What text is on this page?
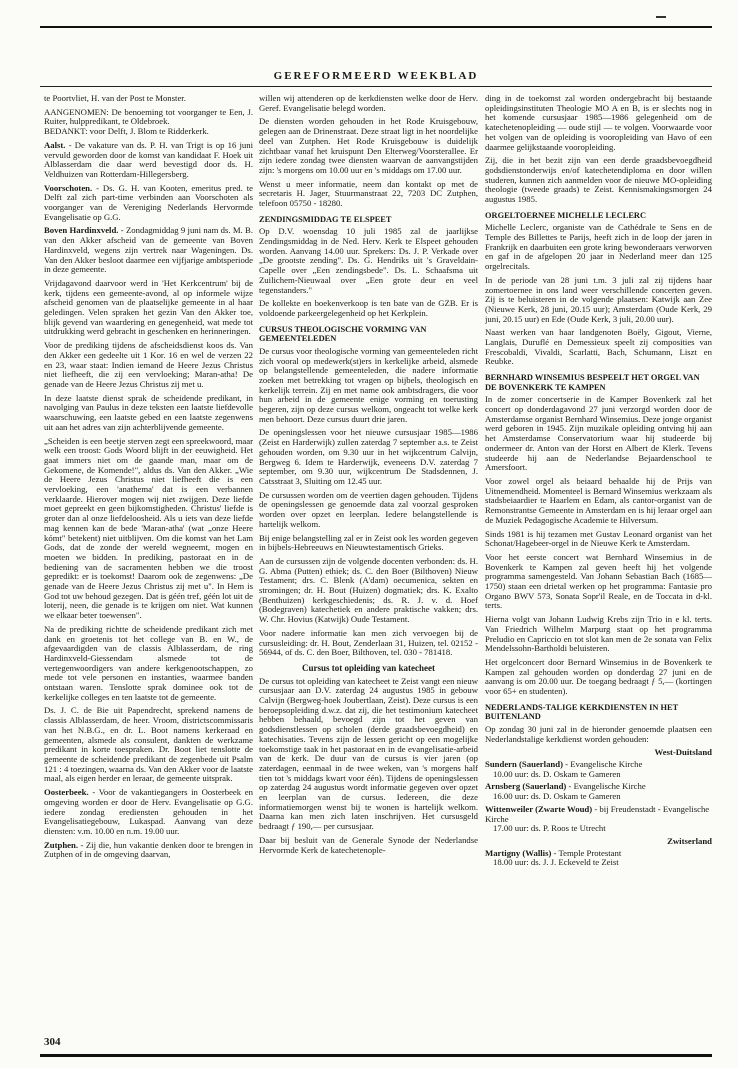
GEREFORMEERD WEEKBLAD

te Poortvliet, H. van der Post te Monster.

AANGENOMEN: De benoeming tot voorganger te Een, J. Ruiter, hulppredikant, te Oldebroek.

BEDANKT: voor Delft, J. Blom te Ridderkerk.

Aalst. - De vakature van ds. P. H. van Trigt is op 16 juni vervuld geworden door de komst van kandidaat F. Hoek uit Alblasserdam die daar werd bevestigd door ds. H. Veldhuizen van Rotterdam-Hillegersberg.

Voorschoten. - Ds. G. H. van Kooten, emeritus pred. te Delft zal zich part-time verbinden aan Voorschoten als voorganger van de Vereniging Nederlands Hervormde Evangelisatie op G.G.

Boven Hardinxveld. - Zondagmiddag 9 juni nam ds. M. B. van den Akker afscheid van de gemeente van Boven Hardinxveld, wegens zijn vertrek naar Wageningen. Ds. Van den Akker besloot daarmee een vijfjarige ambtsperiode in deze gemeente.

Vrijdagavond daarvoor werd in 'Het Kerkcentrum' bij de kerk, tijdens een gemeente-avond, al op informele wijze afscheid genomen van de plaatselijke gemeente in al haar geledingen. Velen spraken het gezin Van den Akker toe, blijk gevend van waardering en genegenheid, wat mede tot uitdrukking werd gebracht in geschenken en herinneringen.

Voor de prediking tijdens de afscheidsdienst koos ds. Van den Akker een gedeelte uit 1 Kor. 16 en wel de verzen 22 en 23, waar staat: Indien iemand de Heere Jezus Christus niet liefheeft, die zij een vervloeking; Maran-atha! De genade van de Heere Jezus Christus zij met u.

In deze laatste dienst sprak de scheidende predikant, in navolging van Paulus in deze teksten een laatste liefdevolle waarschuwing, een laatste gebed en een laatste zegenwens uit aan het adres van zijn achterblijvende gemeente.

„Scheiden is een beetje sterven zegt een spreekwoord, maar welk een troost: Gods Woord blijft in der eeuwigheid. Het gaat immers niet om de gaande man, maar om de Gekomene, de Komende!", aldus ds. Van den Akker. „Wie de Heere Jezus Christus niet liefheeft die is een vervloeking, een 'anathema' dat is een verbannen verklaarde. Hierover mogen wij niet zwijgen. Deze liefde moet gepreekt en geen bijkomstigheden. Christus' liefde is groter dan al onze liefdeloosheid. Als u iets van deze liefde mag kennen kan de bede 'Maran-atha' (wat „onze Heere kómt" betekent) niet uitblijven. Om die komst van het Lam Gods, dat de zonde der wereld wegneemt, mogen en moeten we bidden. In prediking, pastoraat en in de bediening van de sacramenten hebben we die troost gepredikt: er is toekomst! Daarom ook de zegenwens: „De genade van de Heere Jezus Christus zij met u". In Hem is God tot uw behoud gezegen. Dat is géén tref, géén lot uit de loterij, neen, die genade is te krijgen om niet. Wat kunnen we elkaar beter toewensen".

Na de prediking richtte de scheidende predikant zich met dank en groetenis tot het college van B. en W., de afgevaardigden van de classis Alblasserdam, de ring Hardinxveld-Giessendam alsmede tot de vertegenwoordigers van andere kerkgenootschappen, zo mede tot vele personen en instanties, waarmee banden ontstaan waren. Tenslotte sprak dominee ook tot de kerkelijke colleges en ten laatste tot de gemeente.

Ds. J. C. de Bie uit Papendrecht, sprekend namens de classis Alblasserdam, de heer. Vroom, districtscommissaris van het N.B.G., en dr. L. Boot namens kerkeraad en gemeenten, alsmede als consulent, dankten de werkzame predikant in korte toespraken. Dr. Boot liet tenslotte de gemeente de scheidende predikant de zegenbede uit Psalm 121 : 4 toezingen, waarna ds. Van den Akker voor de laatste maal, als eigen herder en leraar, de gemeente uitsprak.

Oosterbeek. - Voor de vakantiegangers in Oosterbeek en omgeving worden er door de Herv. Evangelisatie op G.G. iedere zondag erediensten gehouden in het Evangelisatiegebouw, Lukaspad. Aanvang van deze diensten: v.m. 10.00 en n.m. 19.00 uur.

Zutphen. - Zij die, hun vakantie denken door te brengen in Zutphen of in de omgeving daarvan,

willen wij attenderen op de kerkdiensten welke door de Herv. Geref. Evangelisatie belegd worden.

De diensten worden gehouden in het Rode Kruisgebouw, gelegen aan de Drinenstraat. Deze straat ligt in het noordelijke deel van Zutphen. Het Rode Kruisgebouw is duidelijk zichtbaar vanaf het kruispunt Den Elterweg/Voorsterallee. Er zijn iedere zondag twee diensten waarvan de aanvangstijden zijn: 's morgens om 10.00 uur en 's middags om 17.00 uur.

Wenst u meer informatie, neem dan kontakt op met de secretaris H. Jager, Stuurmanstraat 22, 7203 DC Zutphen, telefoon 05750 - 18280.

ZENDINGSMIDDAG TE ELSPEET

Op D.V. woensdag 10 juli 1985 zal de jaarlijkse Zendingsmiddag in de Ned. Herv. Kerk te Elspeet gehouden worden. Aanvang 14.00 uur. Sprekers: Ds. J. P. Verkade over „De grootste zending". Ds. G. Hendriks uit 's Graveldain-Capelle over „Een zendingsbede". Ds. L. Schaafsma uit Zuilichem-Nieuwaal over „Een grote deur en veel tegenstanders."

De kollekte en boekenverkoop is ten bate van de GZB. Er is voldoende parkeergelegenheid op het Kerkplein.

CURSUS THEOLOGISCHE VORMING VAN GEMEENTELEDEN

De cursus voor theologische vorming van gemeenteleden richt zich vooral op medewerk(st)ers in kerkelijke arbeid, alsmede op belangstellende gemeenteleden, die nadere informatie zoeken met betrekking tot vragen op bijbels, theologisch en kerkelijk terrein. Zij en met name ook ambtsdragers, die voor hun arbeid in de gemeente enige vorming en toerusting begeren, zijn op deze cursus welkom, ongeacht tot welke kerk men behoort. Deze cursus duurt drie jaren.

De openingslessen voor het nieuwe cursusjaar 1985—1986 (Zeist en Harderwijk) zullen zaterdag 7 september a.s. te Zeist gehouden worden, om 9.30 uur in het wijkcentrum Calvijn, Bergweg 6. Idem te Harderwijk, eveneens D.V. zaterdag 7 september, om 9.30 uur, wijkcentrum De Stadsdennen, J. Catsstraat 3, Sluiting om 12.45 uur.

De cursussen worden om de veertien dagen gehouden. Tijdens de openingslessen ge genoemde data zal voorzal gesproken worden over opzet en leerplan. Iedere belangstellende is hartelijk welkom.

Bij enige belangstelling zal er in Zeist ook les worden gegeven in bijbels-Hebreeuws en Nieuwtestamentisch Grieks.

Aan de cursussen zijn de volgende docenten verbonden: ds. H. G. Abma (Putten) ethiek; ds. C. den Boer (Bilthoven) Nieuw Testament; drs. C. Blenk (A'dam) oecumenica, sekten en stromingen; dr. H. Bout (Huizen) dogmatiek; drs. K. Exalto (Benthuizen) kerkgeschiedenis; ds. R. J. v. d. Hoef (Bodegraven) katechetiek en andere praktische vakken; drs. W. Chr. Hovius (Katwijk) Oude Testament.

Voor nadere informatie kan men zich vervoegen bij de cursusleiding: dr. H. Bout, Zenderlaan 31, Huizen, tel. 02152 - 56944, of ds. C. den Boer, Bilthoven, tel. 030 - 781418.

Cursus tot opleiding van katecheet

De cursus tot opleiding van katecheet te Zeist vangt een nieuw cursusjaar aan D.V. zaterdag 24 augustus 1985 in gebouw Calvijn (Bergweg-hoek Joubertlaan, Zeist). Deze cursus is een beroepsopleiding d.w.z. dat zij, die het testimonium katecheet hebben behaald, bevoegd zijn tot het geven van godsdienstlessen op scholen (derde graadsbevoegdheid) en katechisaties. Tevens zijn de lessen gericht op een mogelijke toekomstige taak in het pastoraat en in de evangelisatie-arbeid van de kerk. De duur van de cursus is vier jaren (op zaterdagen, eenmaal in de twee weken, van 's morgens half tien tot 's middags kwart voor één). Tijdens de openingslessen op zaterdag 24 augustus wordt informatie gegeven over opzet en leerplan van de cursus. Iedereen, die deze informatiemorgen wenst bij te wonen is hartelijk welkom. Daarna kan men zich laten inschrijven. Het cursusgeld bedraagt ƒ 190,— per cursusjaar.

Daar bij besluit van de Generale Synode der Nederlandse Hervormde Kerk de katechetenople-

ding in de toekomst zal worden ondergebracht bij bestaande opleidingsinstituten Theologie MO A en B, is er slechts nog in het komende cursusjaar 1985—1986 gelegenheid om de katechetenopleiding — oude stijl — te volgen. Voorwaarde voor het volgen van de opleiding is vooropleiding van Havo of een daarmee gelijkstaande vooropleiding.

Zij, die in het bezit zijn van een derde graadsbevoegdheid godsdienstonderwijs en/of katechetendiploma en door willen studeren, kunnen zich aanmelden voor de nieuwe MO-opleiding theologie (tweede graads) te Zeist. Kennismakingsmorgen 24 augustus 1985.

ORGELTOERNEE MICHELLE LECLERC

Michelle Leclerc, organiste van de Cathédrale te Sens en de Temple des Billettes te Parijs, heeft zich in de loop der jaren in Frankrijk en daarbuiten een grote kring bewonderaars verworven en gaf in de afgelopen 20 jaar in Nederland meer dan 125 orgelrecitals.

In de periode van 28 juni t.m. 3 juli zal zij tijdens haar zomertoernee in ons land weer verschillende concerten geven. Zij is te beluisteren in de volgende plaatsen: Katwijk aan Zee (Nieuwe Kerk, 28 juni, 20.15 uur); Amsterdam (Oude Kerk, 29 juni, 20.15 uur) en Ede (Oude Kerk, 3 juli, 20.00 uur).

Naast werken van haar landgenoten Boëly, Gigout, Vierne, Langlais, Duruflé en Demessieux speelt zij composities van Frescobaldi, Vivaldi, Scarlatti, Bach, Schumann, Liszt en Reubke.

BERNHARD WINSEMIUS BESPEELT HET ORGEL VAN DE BOVENKERK TE KAMPEN

In de zomer concertserie in de Kamper Bovenkerk zal het concert op donderdagavond 27 juni verzorgd worden door de Amsterdamse organist Bernhard Winsemius. Deze jonge organist werd geboren in 1945. Zijn muzikale opleiding ontving hij aan het Amsterdamse Conservatorium waar hij studeerde bij ondermeer dr. Anton van der Horst en Albert de Klerk. Tevens studeerde hij aan de Nederlandse Bejaardenschool te Amersfoort.

Voor zowel orgel als beiaard behaalde hij de Prijs van Uitnemendheid. Momenteel is Bernard Winsemius werkzaam als stadsbeiaardier te Haarlem en Edam, als cantor-organist van de Remonstrantse Gemeente in Amsterdam en is hij leraar orgel aan de Muziek Pedagogische Academie te Hilversum.

Sinds 1981 is hij tezamen met Gustav Leonard organist van het Schonat/Hagebeer-orgel in de Nieuwe Kerk te Amsterdam.

Voor het eerste concert wat Bernhard Winsemius in de Bovenkerk te Kampen zal geven heeft hij het volgende programma samengesteld. Van Johann Sebastian Bach (1685—1750) staan een drietal werken op het programma: Fantasie pro Organo BWV 573, Sonata Sopr'il Reale, en de Toccata in d-kl. terts.

Hierna volgt van Johann Ludwig Krebs zijn Trio in e kl. terts. Van Friedrich Wilhelm Marpurg staat op het programma Preludio en Capriccio en tot slot kan men de 2e sonata van Felix Mendelssohn-Bartholdi beluisteren.

Het orgelconcert door Bernard Winsemius in de Bovenkerk te Kampen zal gehouden worden op donderdag 27 juni en de aanvang is om 20.00 uur. De toegang bedraagt ƒ 5,— (kortingen voor 65+ en studenten).

NEDERLANDS-TALIGE KERKDIENSTEN IN HET BUITENLAND

Op zondag 30 juni zal in de hieronder genoemde plaatsen een Nederlandstalige kerkdienst worden gehouden:

West-Duitsland
Sundern (Sauerland) - Evangelische Kirche
10.00 uur: ds. D. Oskam te Gameren
Arnsberg (Sauerland) - Evangelische Kirche
16.00 uur: ds. D. Oskam te Gameren
Wittenweiler (Zwarte Woud) - bij Freudenstadt - Evangelische Kirche
17.00 uur: ds. P. Roos te Utrecht
Zwitserland
Martigny (Wallis) - Temple Protestant
18.00 uur: ds. J. J. Eckeveld te Zeist
304
